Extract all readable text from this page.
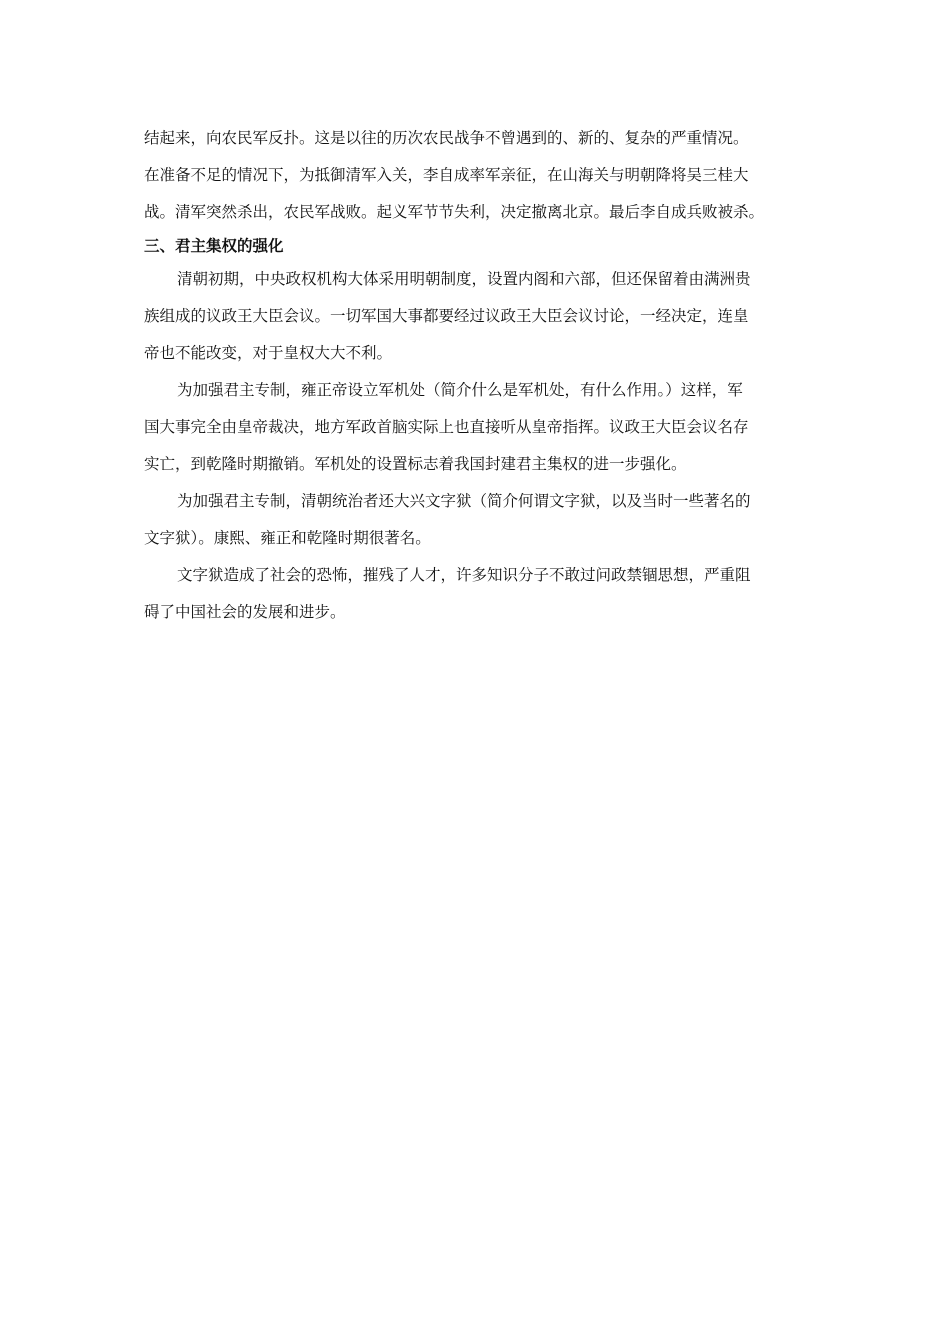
结起来，向农民军反扑。这是以往的历次农民战争不曾遇到的、新的、复杂的严重情况。

在准备不足的情况下，为抵御清军入关，李自成率军亲征，在山海关与明朝降将吴三桂大

战。清军突然杀出，农民军战败。起义军节节失利，决定撤离北京。最后李自成兵败被杀。

三、君主集权的强化

清朝初期，中央政权机构大体采用明朝制度，设置内阁和六部，但还保留着由满洲贵

族组成的议政王大臣会议。一切军国大事都要经过议政王大臣会议讨论，一经决定，连皇

帝也不能改变，对于皇权大大不利。

为加强君主专制，雍正帝设立军机处（简介什么是军机处，有什么作用。）这样，军

国大事完全由皇帝裁决，地方军政首脑实际上也直接听从皇帝指挥。议政王大臣会议名存

实亡，到乾隆时期撤销。军机处的设置标志着我国封建君主集权的进一步强化。

为加强君主专制，清朝统治者还大兴文字狱（简介何谓文字狱，以及当时一些著名的

文字狱）。康熙、雍正和乾隆时期很著名。

文字狱造成了社会的恐怖，摧残了人才，许多知识分子不敢过问政禁锢思想，严重阻

碍了中国社会的发展和进步。
